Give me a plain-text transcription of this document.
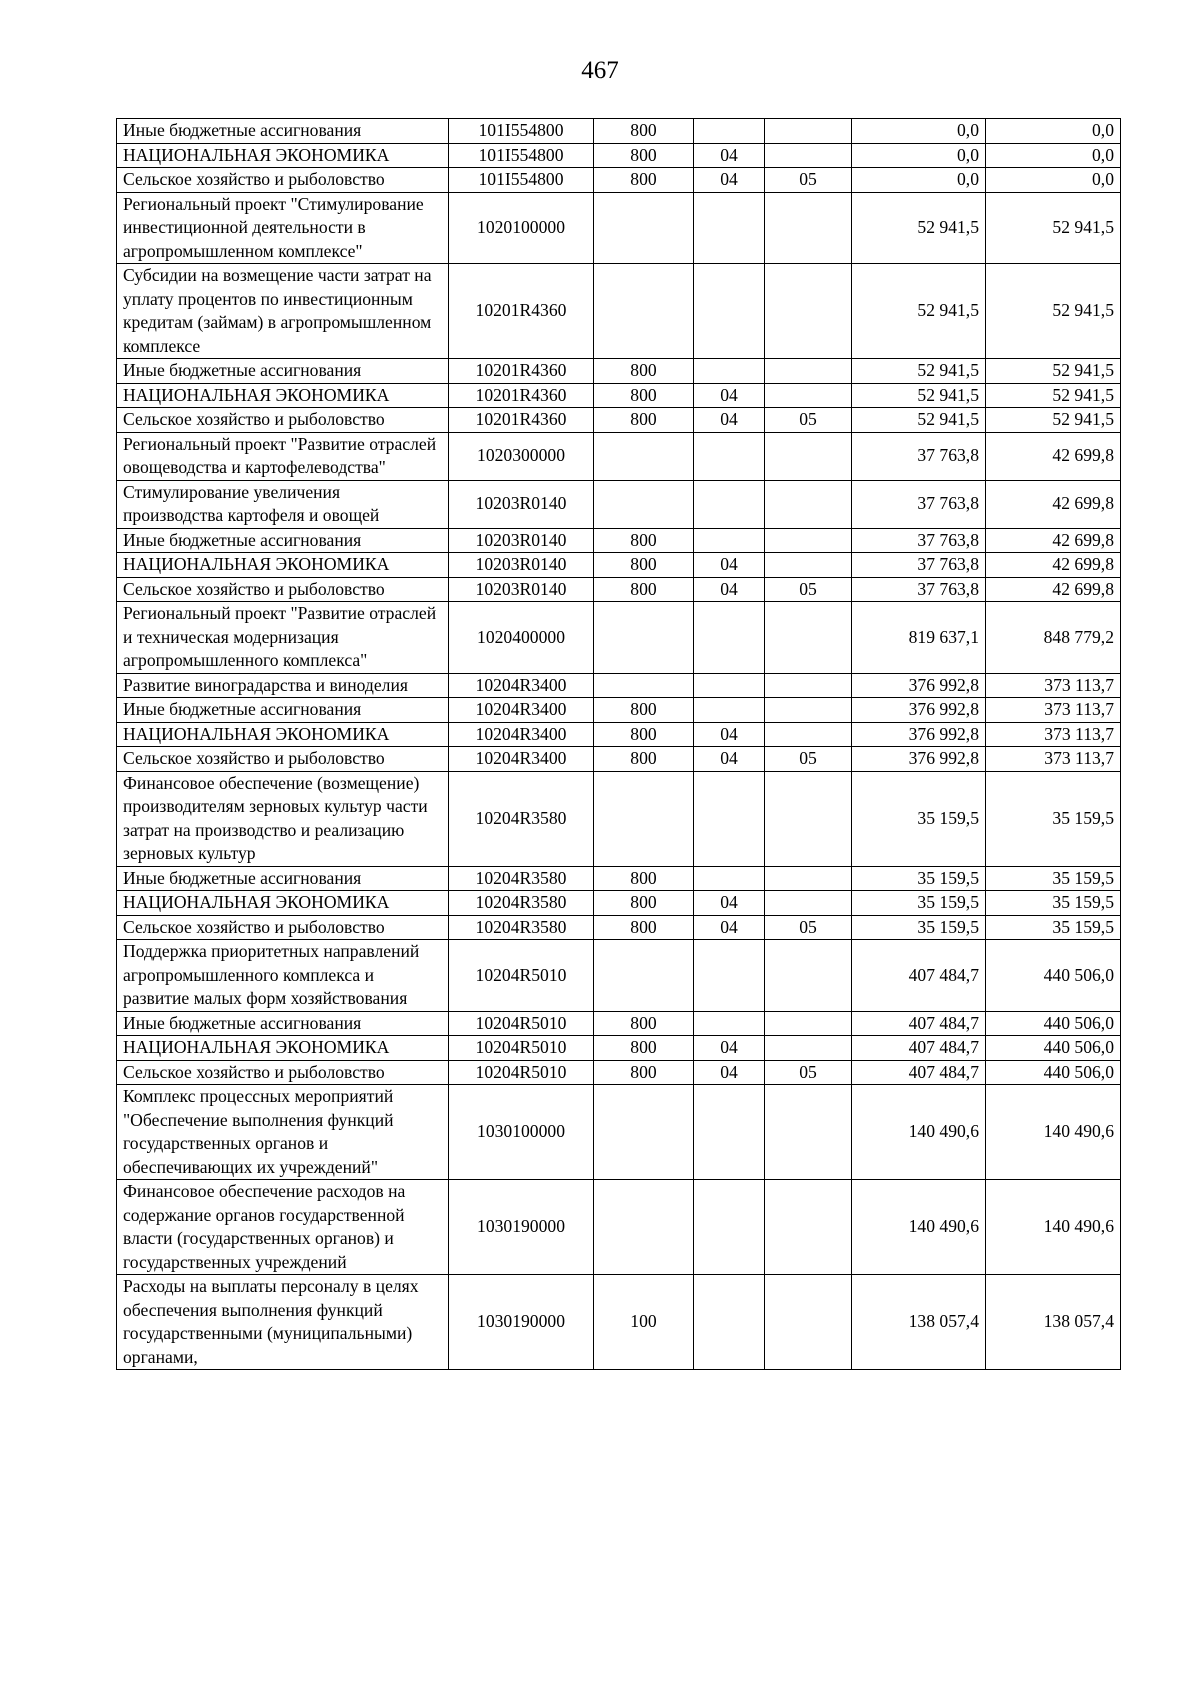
467
Иные бюджетные ассигнования	101I554800	800			0,0	0,0
НАЦИОНАЛЬНАЯ ЭКОНОМИКА	101I554800	800	04		0,0	0,0
Сельское хозяйство и рыболовство	101I554800	800	04	05	0,0	0,0
Региональный проект "Стимулирование инвестиционной деятельности в агропромышленном комплексе"	1020100000				52 941,5	52 941,5
Субсидии на возмещение части затрат на уплату процентов по инвестиционным кредитам (займам) в агропромышленном комплексе	10201R4360				52 941,5	52 941,5
Иные бюджетные ассигнования	10201R4360	800			52 941,5	52 941,5
НАЦИОНАЛЬНАЯ ЭКОНОМИКА	10201R4360	800	04		52 941,5	52 941,5
Сельское хозяйство и рыболовство	10201R4360	800	04	05	52 941,5	52 941,5
Региональный проект "Развитие отраслей овощеводства и картофелеводства"	1020300000				37 763,8	42 699,8
Стимулирование увеличения производства картофеля и овощей	10203R0140				37 763,8	42 699,8
Иные бюджетные ассигнования	10203R0140	800			37 763,8	42 699,8
НАЦИОНАЛЬНАЯ ЭКОНОМИКА	10203R0140	800	04		37 763,8	42 699,8
Сельское хозяйство и рыболовство	10203R0140	800	04	05	37 763,8	42 699,8
Региональный проект "Развитие отраслей и техническая модернизация агропромышленного комплекса"	1020400000				819 637,1	848 779,2
Развитие виноградарства и виноделия	10204R3400				376 992,8	373 113,7
Иные бюджетные ассигнования	10204R3400	800			376 992,8	373 113,7
НАЦИОНАЛЬНАЯ ЭКОНОМИКА	10204R3400	800	04		376 992,8	373 113,7
Сельское хозяйство и рыболовство	10204R3400	800	04	05	376 992,8	373 113,7
Финансовое обеспечение (возмещение) производителям зерновых культур части затрат на производство и реализацию зерновых культур	10204R3580				35 159,5	35 159,5
Иные бюджетные ассигнования	10204R3580	800			35 159,5	35 159,5
НАЦИОНАЛЬНАЯ ЭКОНОМИКА	10204R3580	800	04		35 159,5	35 159,5
Сельское хозяйство и рыболовство	10204R3580	800	04	05	35 159,5	35 159,5
Поддержка приоритетных направлений агропромышленного комплекса и развитие малых форм хозяйствования	10204R5010				407 484,7	440 506,0
Иные бюджетные ассигнования	10204R5010	800			407 484,7	440 506,0
НАЦИОНАЛЬНАЯ ЭКОНОМИКА	10204R5010	800	04		407 484,7	440 506,0
Сельское хозяйство и рыболовство	10204R5010	800	04	05	407 484,7	440 506,0
Комплекс процессных мероприятий "Обеспечение выполнения функций государственных органов и обеспечивающих их учреждений"	1030100000				140 490,6	140 490,6
Финансовое обеспечение расходов на содержание органов государственной власти (государственных органов) и государственных учреждений	1030190000				140 490,6	140 490,6
Расходы на выплаты персоналу в целях обеспечения выполнения функций государственными (муниципальными) органами,	1030190000	100			138 057,4	138 057,4
